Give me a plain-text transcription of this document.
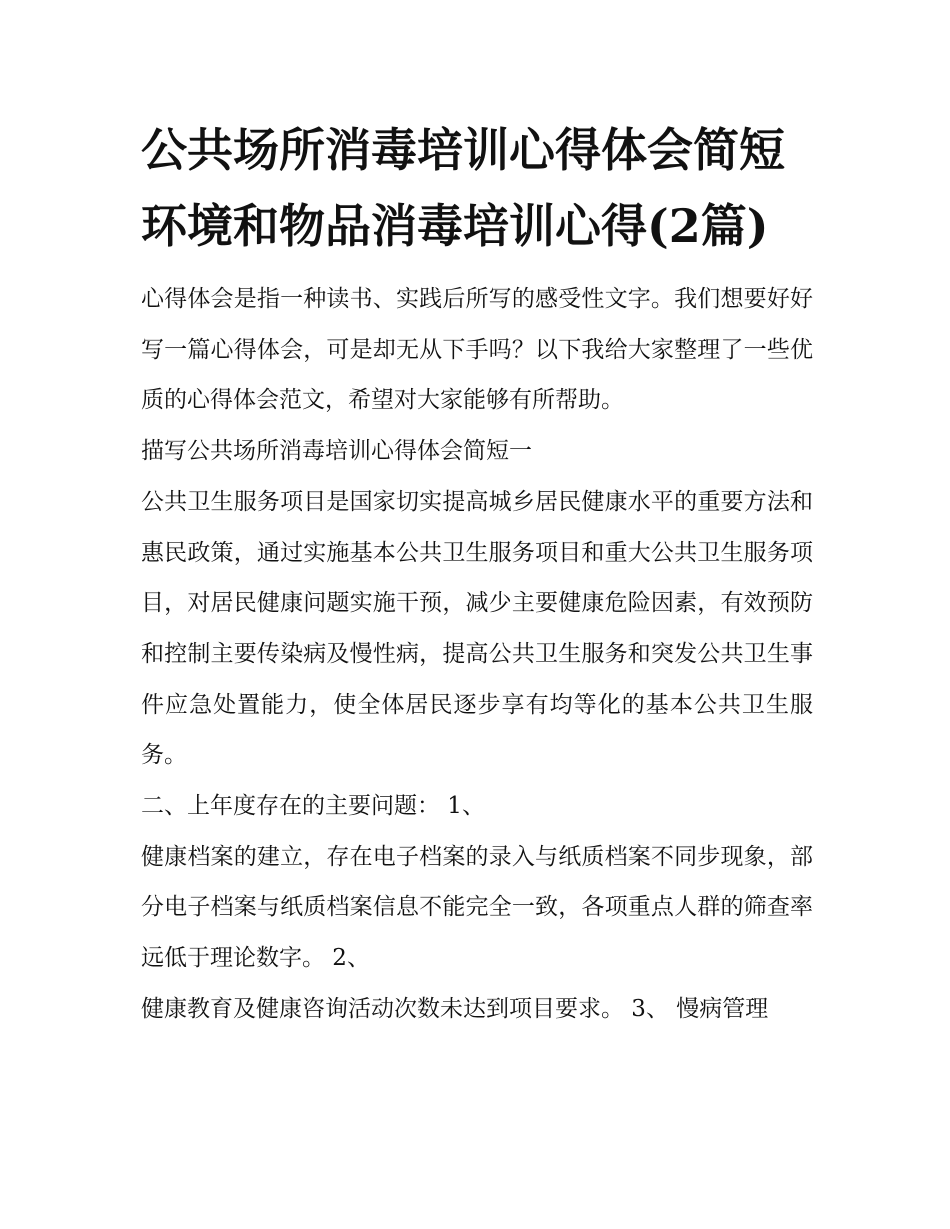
公共场所消毒培训心得体会简短 环境和物品消毒培训心得(2篇)

心得体会是指一种读书、实践后所写的感受性文字。我们想要好好写一篇心得体会，可是却无从下手吗？以下我给大家整理了一些优质的心得体会范文，希望对大家能够有所帮助。

描写公共场所消毒培训心得体会简短一

公共卫生服务项目是国家切实提高城乡居民健康水平的重要方法和惠民政策，通过实施基本公共卫生服务项目和重大公共卫生服务项目，对居民健康问题实施干预，减少主要健康危险因素，有效预防和控制主要传染病及慢性病，提高公共卫生服务和突发公共卫生事件应急处置能力，使全体居民逐步享有均等化的基本公共卫生服务。

二、上年度存在的主要问题： 1、

健康档案的建立，存在电子档案的录入与纸质档案不同步现象，部分电子档案与纸质档案信息不能完全一致，各项重点人群的筛查率远低于理论数字。 2、

健康教育及健康咨询活动次数未达到项目要求。 3、 慢病管理
